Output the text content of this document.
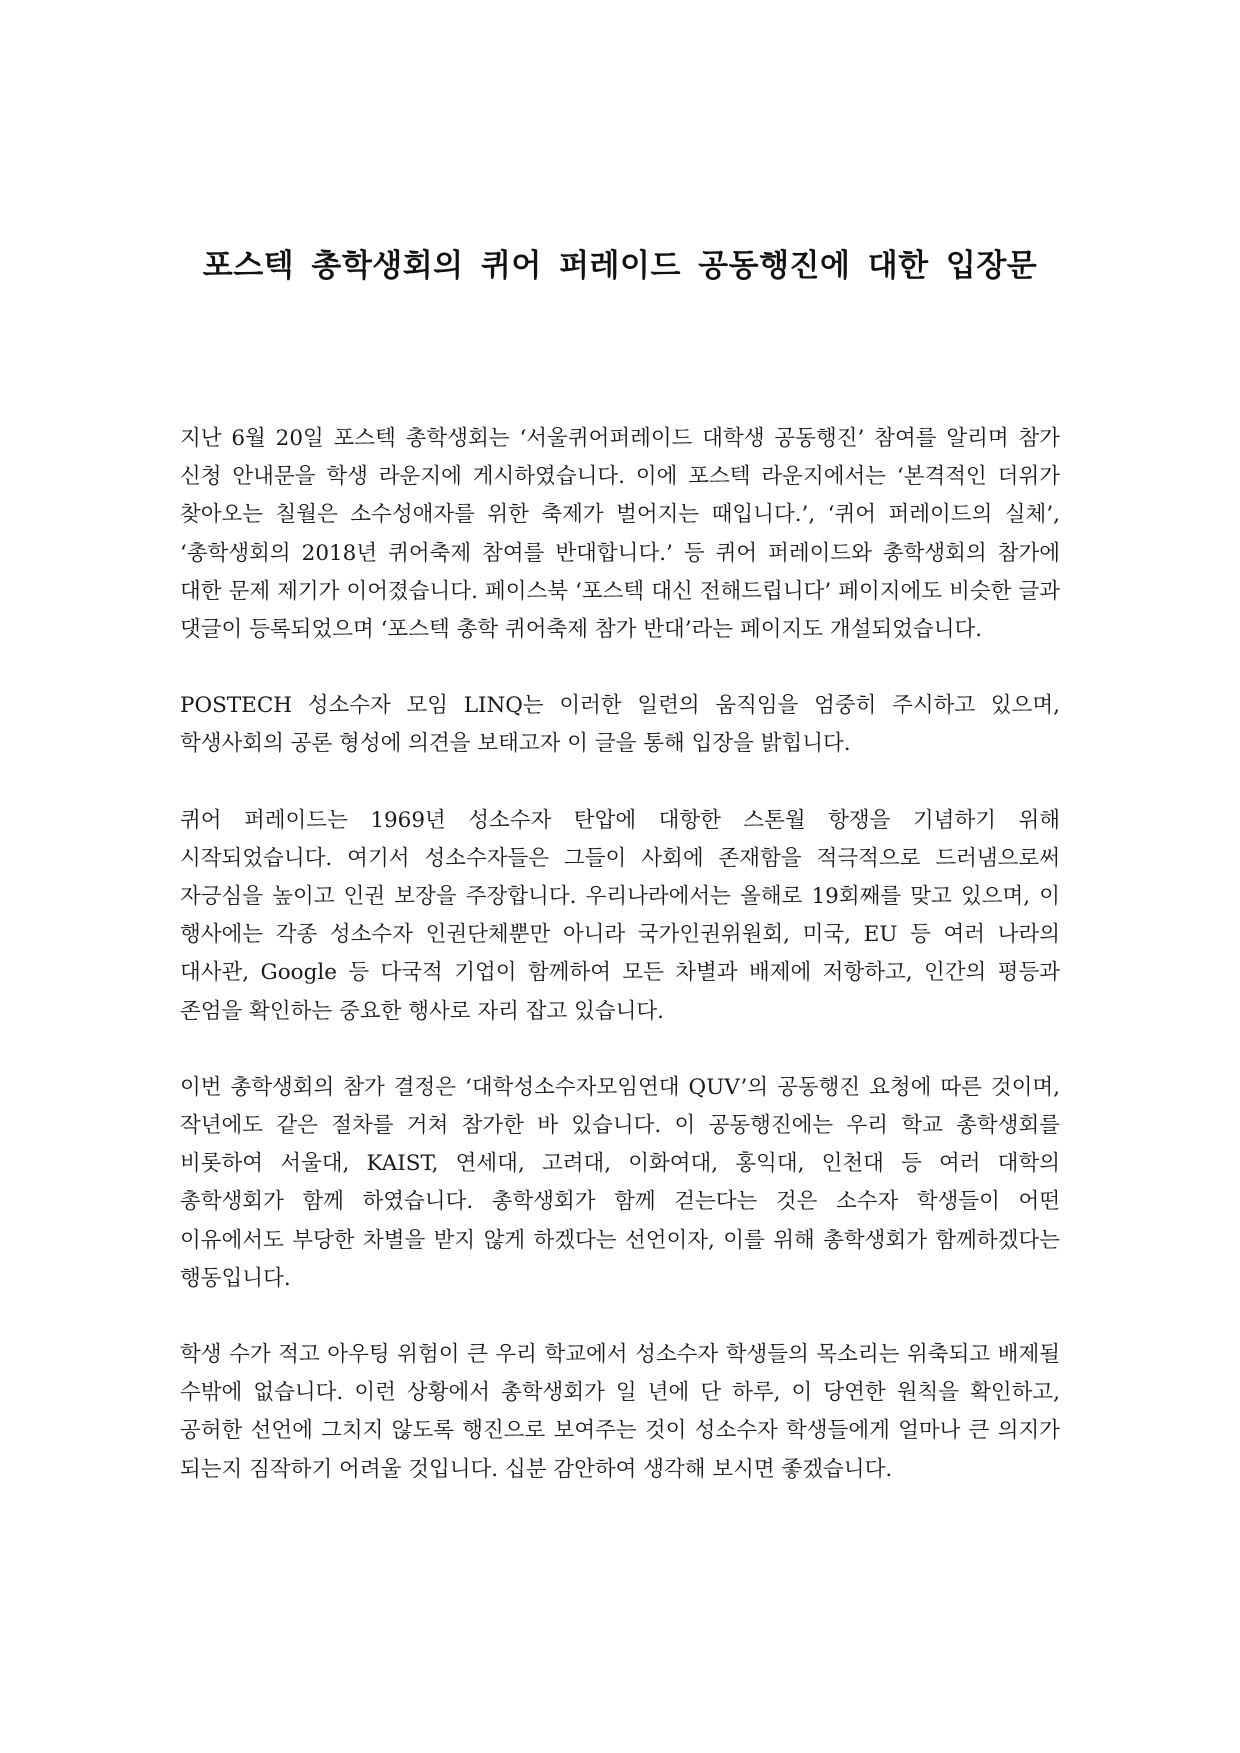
포스텍 총학생회의 퀴어 퍼레이드 공동행진에 대한 입장문

지난 6월 20일 포스텍 총학생회는 ‘서울퀴어퍼레이드 대학생 공동행진’ 참여를 알리며 참가 신청 안내문을 학생 라운지에 게시하였습니다. 이에 포스텍 라운지에서는 ‘본격적인 더위가 찾아오는 칠월은 소수성애자를 위한 축제가 벌어지는 때입니다.’, ‘퀴어 퍼레이드의 실체’, ‘총학생회의 2018년 퀴어축제 참여를 반대합니다.’ 등 퀴어 퍼레이드와 총학생회의 참가에 대한 문제 제기가 이어졌습니다. 페이스북 ‘포스텍 대신 전해드립니다’ 페이지에도 비슷한 글과 댓글이 등록되었으며 ‘포스텍 총학 퀴어축제 참가 반대’라는 페이지도 개설되었습니다.

POSTECH 성소수자 모임 LINQ는 이러한 일련의 움직임을 엄중히 주시하고 있으며, 학생사회의 공론 형성에 의견을 보태고자 이 글을 통해 입장을 밝힙니다.

퀴어 퍼레이드는 1969년 성소수자 탄압에 대항한 스톤월 항쟁을 기념하기 위해 시작되었습니다. 여기서 성소수자들은 그들이 사회에 존재함을 적극적으로 드러냄으로써 자긍심을 높이고 인권 보장을 주장합니다. 우리나라에서는 올해로 19회째를 맞고 있으며, 이 행사에는 각종 성소수자 인권단체뿐만 아니라 국가인권위원회, 미국, EU 등 여러 나라의 대사관, Google 등 다국적 기업이 함께하여 모든 차별과 배제에 저항하고, 인간의 평등과 존엄을 확인하는 중요한 행사로 자리 잡고 있습니다.

이번 총학생회의 참가 결정은 ‘대학성소수자모임연대 QUV’의 공동행진 요청에 따른 것이며, 작년에도 같은 절차를 거쳐 참가한 바 있습니다. 이 공동행진에는 우리 학교 총학생회를 비롯하여 서울대, KAIST, 연세대, 고려대, 이화여대, 홍익대, 인천대 등 여러 대학의 총학생회가 함께 하였습니다. 총학생회가 함께 걷는다는 것은 소수자 학생들이 어떤 이유에서도 부당한 차별을 받지 않게 하겠다는 선언이자, 이를 위해 총학생회가 함께하겠다는 행동입니다.

학생 수가 적고 아우팅 위험이 큰 우리 학교에서 성소수자 학생들의 목소리는 위축되고 배제될 수밖에 없습니다. 이런 상황에서 총학생회가 일 년에 단 하루, 이 당연한 원칙을 확인하고, 공허한 선언에 그치지 않도록 행진으로 보여주는 것이 성소수자 학생들에게 얼마나 큰 의지가 되는지 짐작하기 어려울 것입니다. 십분 감안하여 생각해 보시면 좋겠습니다.
